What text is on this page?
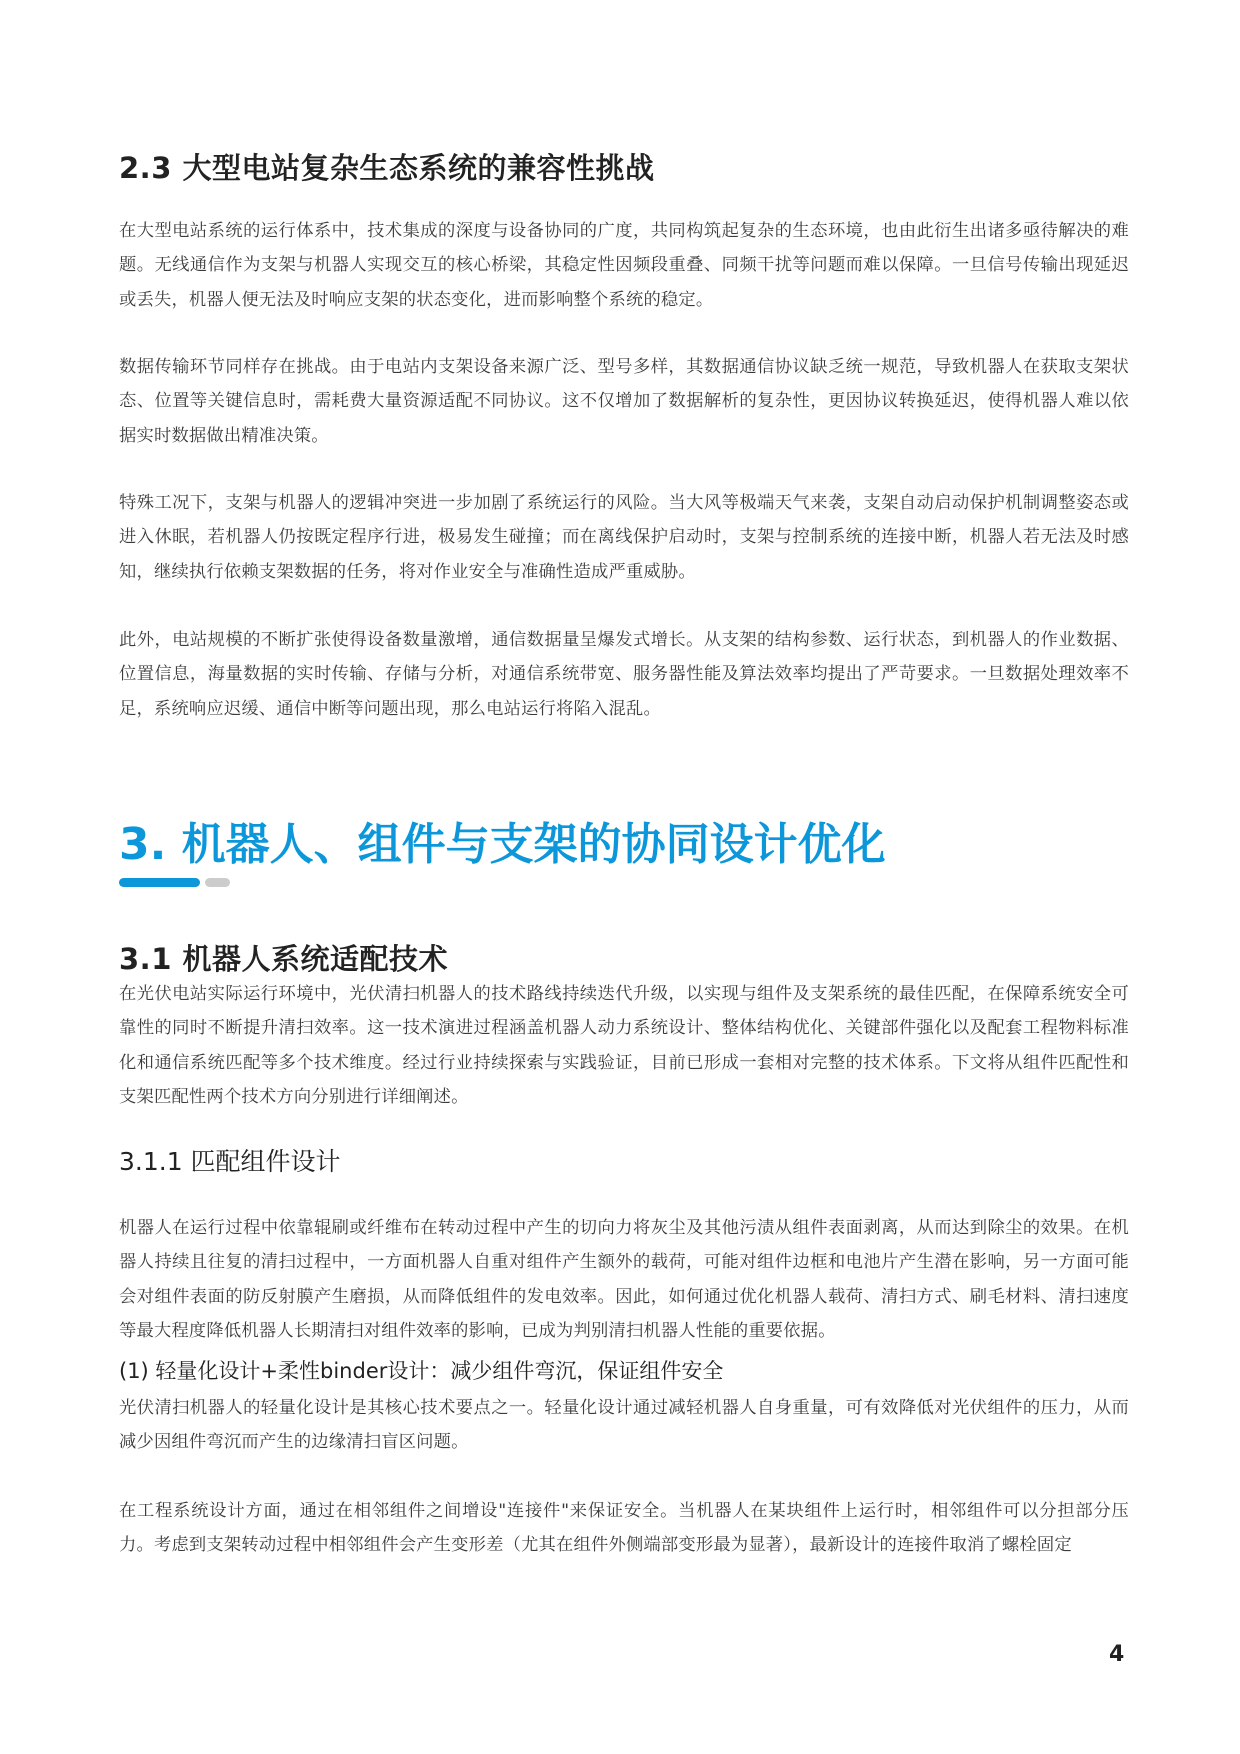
2.3 大型电站复杂生态系统的兼容性挑战

在大型电站系统的运行体系中，技术集成的深度与设备协同的广度，共同构筑起复杂的生态环境，也由此衍生出诸多亟待解决的难题。无线通信作为支架与机器人实现交互的核心桥梁，其稳定性因频段重叠、同频干扰等问题而难以保障。一旦信号传输出现延迟或丢失，机器人便无法及时响应支架的状态变化，进而影响整个系统的稳定。

数据传输环节同样存在挑战。由于电站内支架设备来源广泛、型号多样，其数据通信协议缺乏统一规范，导致机器人在获取支架状态、位置等关键信息时，需耗费大量资源适配不同协议。这不仅增加了数据解析的复杂性，更因协议转换延迟，使得机器人难以依据实时数据做出精准决策。

特殊工况下，支架与机器人的逻辑冲突进一步加剧了系统运行的风险。当大风等极端天气来袭，支架自动启动保护机制调整姿态或进入休眠，若机器人仍按既定程序行进，极易发生碰撞；而在离线保护启动时，支架与控制系统的连接中断，机器人若无法及时感知，继续执行依赖支架数据的任务，将对作业安全与准确性造成严重威胁。

此外，电站规模的不断扩张使得设备数量激增，通信数据量呈爆发式增长。从支架的结构参数、运行状态，到机器人的作业数据、位置信息，海量数据的实时传输、存储与分析，对通信系统带宽、服务器性能及算法效率均提出了严苛要求。一旦数据处理效率不足，系统响应迟缓、通信中断等问题出现，那么电站运行将陷入混乱。

3. 机器人、组件与支架的协同设计优化
3.1 机器人系统适配技术

在光伏电站实际运行环境中，光伏清扫机器人的技术路线持续迭代升级，以实现与组件及支架系统的最佳匹配，在保障系统安全可靠性的同时不断提升清扫效率。这一技术演进过程涵盖机器人动力系统设计、整体结构优化、关键部件强化以及配套工程物料标准化和通信系统匹配等多个技术维度。经过行业持续探索与实践验证，目前已形成一套相对完整的技术体系。下文将从组件匹配性和支架匹配性两个技术方向分别进行详细阐述。

3.1.1 匹配组件设计

机器人在运行过程中依靠辊刷或纤维布在转动过程中产生的切向力将灰尘及其他污渍从组件表面剥离，从而达到除尘的效果。在机器人持续且往复的清扫过程中，一方面机器人自重对组件产生额外的载荷，可能对组件边框和电池片产生潜在影响，另一方面可能会对组件表面的防反射膜产生磨损，从而降低组件的发电效率。因此，如何通过优化机器人载荷、清扫方式、刷毛材料、清扫速度等最大程度降低机器人长期清扫对组件效率的影响，已成为判别清扫机器人性能的重要依据。

(1) 轻量化设计+柔性binder设计：减少组件弯沉，保证组件安全

光伏清扫机器人的轻量化设计是其核心技术要点之一。轻量化设计通过减轻机器人自身重量，可有效降低对光伏组件的压力，从而减少因组件弯沉而产生的边缘清扫盲区问题。

在工程系统设计方面，通过在相邻组件之间增设"连接件"来保证安全。当机器人在某块组件上运行时，相邻组件可以分担部分压力。考虑到支架转动过程中相邻组件会产生变形差（尤其在组件外侧端部变形最为显著），最新设计的连接件取消了螺栓固定

4
